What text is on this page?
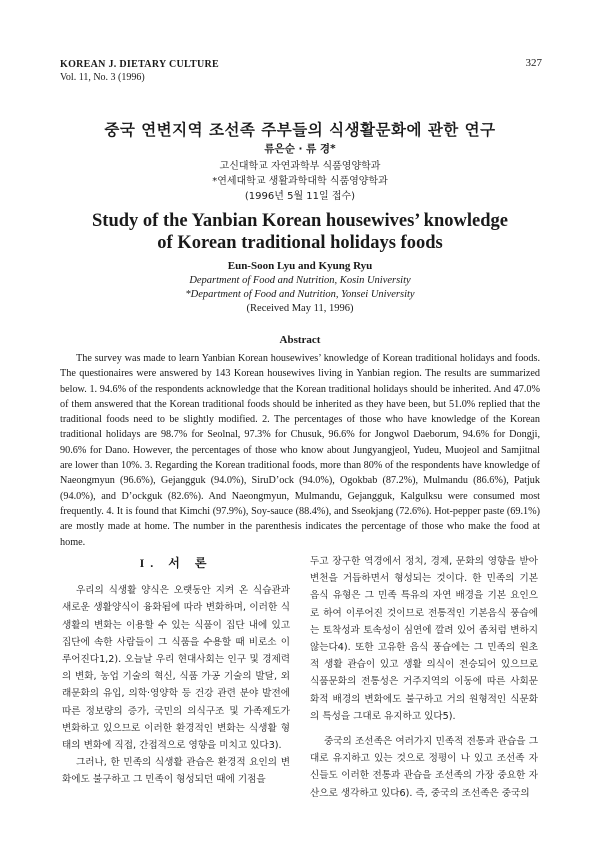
KOREAN J. DIETARY CULTURE
Vol. 11, No. 3 (1996)
327
중국 연변지역 조선족 주부들의 식생활문화에 관한 연구
류은순 · 류 경*
고신대학교 자연과학부 식품영양학과
*연세대학교 생활과학대학 식품영양학과
(1996년 5월 11일 접수)
Study of the Yanbian Korean housewives’ knowledge
of Korean traditional holidays foods
Eun-Soon Lyu and Kyung Ryu
Department of Food and Nutrition, Kosin University
*Department of Food and Nutrition, Yonsei University
(Received May 11, 1996)
Abstract

The survey was made to learn Yanbian Korean housewives’ knowledge of Korean traditional holidays and foods. The questionaires were answered by 143 Korean housewives living in Yanbian region. The results are summarized below. 1. 94.6% of the respondents acknowledge that the Korean traditional holidays should be inherited. And 47.0% of them answered that the Korean traditional foods should be inherited as they have been, but 51.0% replied that the traditional foods need to be slightly modified. 2. The percentages of those who have knowledge of the Korean traditional holidays are 98.7% for Seolnal, 97.3% for Chusuk, 96.6% for Jongwol Daeborum, 94.6% for Dongji, 90.6% for Dano. However, the percentages of those who know about Jungyangjeol, Yudeu, Muojeol and Samjitnal are lower than 10%. 3. Regarding the Korean traditional foods, more than 80% of the respondents have knowledge of Naeongmyun (96.6%), Gejangguk (94.0%), SiruD’ock (94.0%), Ogokbab (87.2%), Mulmandu (86.6%), Patjuk (94.0%), and D’ockguk (82.6%). And Naeongmyun, Mulmandu, Gejangguk, Kalgulksu were consumed most frequently. 4. It is found that Kimchi (97.9%), Soy-sauce (88.4%), and Sseokjang (72.6%). Hot-pepper paste (69.1%) are mostly made at home. The number in the parenthesis indicates the percentage of those who make the food at home.

I. 서 론

우리의 식생활 양식은 오랫동안 지켜 온 식습관과 새로운 생활양식이 융화됨에 따라 변화하며, 이러한 식생활의 변화는 이용할 수 있는 식품이 집단 내에 있고 집단에 속한 사람들이 그 식품을 수용할 때 비로소 이루어진다1,2). 오늘날 우리 현대사회는 인구 및 경제력의 변화, 농업 기술의 혁신, 식품 가공 기술의 발달, 외래문화의 유입, 의학·영양학 등 건강 관련 분야 발전에 따른 정보량의 증가, 국민의 의식구조 및 가족제도가 변화하고 있으므로 이러한 환경적인 변화는 식생활 형태의 변화에 직접, 간접적으로 영향을 미치고 있다3).

그러나, 한 민족의 식생활 관습은 환경적 요인의 변화에도 불구하고 그 민족이 형성되던 때에 기점을

두고 장구한 역경에서 정치, 경제, 문화의 영향을 받아 변천을 거듭하면서 형성되는 것이다. 한 민족의 기본 음식 유형은 그 민족 특유의 자연 배경을 기본 요인으로 하여 이루어진 것이므로 전통적인 기본음식 풍습에는 토착성과 토속성이 심연에 깔려 있어 좀처럼 변하지 않는다4). 또한 고유한 음식 풍습에는 그 민족의 원초적 생활 관습이 있고 생활 의식이 전승되어 있으므로 식품문화의 전통성은 거주지역의 이동에 따른 사회문화적 배경의 변화에도 불구하고 거의 원형적인 식문화의 특성을 그대로 유지하고 있다5).

중국의 조선족은 여러가지 민족적 전통과 관습을 그대로 유지하고 있는 것으로 정평이 나 있고 조선족 자신들도 이러한 전통과 관습을 조선족의 가장 중요한 자산으로 생각하고 있다6). 즉, 중국의 조선족은 중국의
